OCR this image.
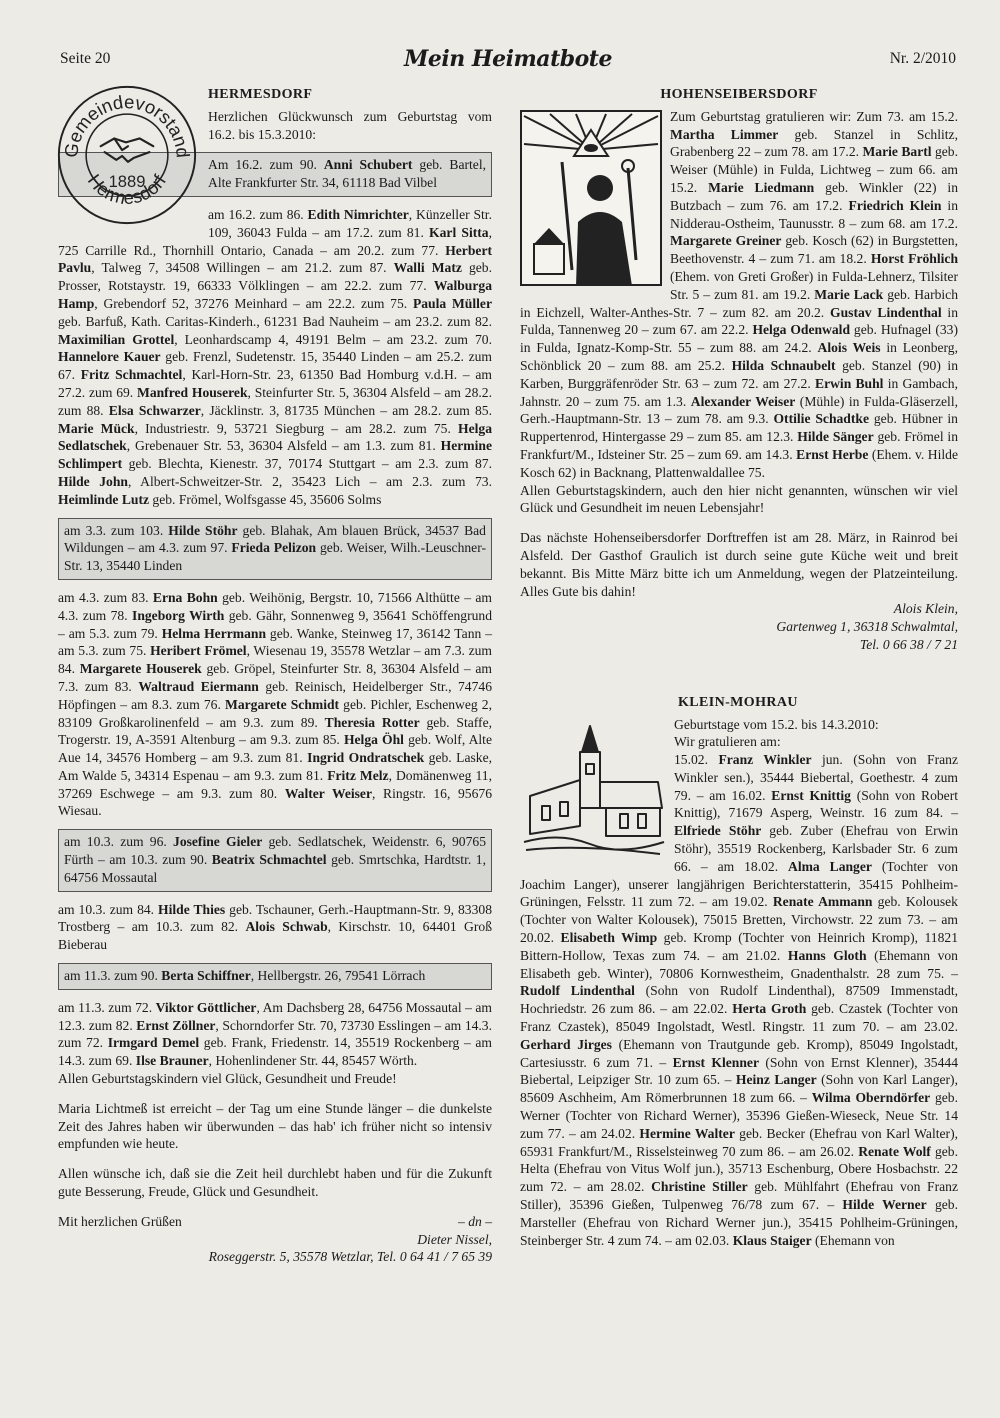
Seite 20	Mein Heimatbote	Nr. 2/2010
Gemeindevorstand
Hermesdorf
1889
HERMESDORF

Herzlichen Glückwunsch zum Geburtstag vom 16.2. bis 15.3.2010:

Am 16.2. zum 90. Anni Schubert geb. Bartel, Alte Frankfurter Str. 34, 61118 Bad Vilbel

am 16.2. zum 86. Edith Nimrichter, Künzeller Str. 109, 36043 Fulda – am 17.2. zum 81. Karl Sitta, 725 Carrille Rd., Thornhill Ontario, Canada – am 20.2. zum 77. Herbert Pavlu, Talweg 7, 34508 Willingen – am 21.2. zum 87. Walli Matz geb. Prosser, Rotstaystr. 19, 66333 Völklingen – am 22.2. zum 77. Walburga Hamp, Grebendorf 52, 37276 Meinhard – am 22.2. zum 75. Paula Müller geb. Barfuß, Kath. Caritas-Kinderh., 61231 Bad Nauheim – am 23.2. zum 82. Maximilian Grottel, Leonhardscamp 4, 49191 Belm – am 23.2. zum 70. Hannelore Kauer geb. Frenzl, Sudetenstr. 15, 35440 Linden – am 25.2. zum 67. Fritz Schmachtel, Karl-Horn-Str. 23, 61350 Bad Homburg v.d.H. – am 27.2. zum 69. Manfred Houserek, Steinfurter Str. 5, 36304 Alsfeld – am 28.2. zum 88. Elsa Schwarzer, Jäcklinstr. 3, 81735 München – am 28.2. zum 85. Marie Mück, Industriestr. 9, 53721 Siegburg – am 28.2. zum 75. Helga Sedlatschek, Grebenauer Str. 53, 36304 Alsfeld – am 1.3. zum 81. Hermine Schlimpert geb. Blechta, Kienestr. 37, 70174 Stuttgart – am 2.3. zum 87. Hilde John, Albert-Schweitzer-Str. 2, 35423 Lich – am 2.3. zum 73. Heimlinde Lutz geb. Frömel, Wolfsgasse 45, 35606 Solms

am 3.3. zum 103. Hilde Stöhr geb. Blahak, Am blauen Brück, 34537 Bad Wildungen – am 4.3. zum 97. Frieda Pelizon geb. Weiser, Wilh.-Leuschner-Str. 13, 35440 Linden

am 4.3. zum 83. Erna Bohn geb. Weihönig, Bergstr. 10, 71566 Althütte – am 4.3. zum 78. Ingeborg Wirth geb. Gähr, Sonnenweg 9, 35641 Schöffengrund – am 5.3. zum 79. Helma Herrmann geb. Wanke, Steinweg 17, 36142 Tann – am 5.3. zum 75. Heribert Frömel, Wiesenau 19, 35578 Wetzlar – am 7.3. zum 84. Margarete Houserek geb. Gröpel, Steinfurter Str. 8, 36304 Alsfeld – am 7.3. zum 83. Waltraud Eiermann geb. Reinisch, Heidelberger Str., 74746 Höpfingen – am 8.3. zum 76. Margarete Schmidt geb. Pichler, Eschenweg 2, 83109 Großkarolinenfeld – am 9.3. zum 89. Theresia Rotter geb. Staffe, Trogerstr. 19, A-3591 Altenburg – am 9.3. zum 85. Helga Öhl geb. Wolf, Alte Aue 14, 34576 Homberg – am 9.3. zum 81. Ingrid Ondratschek geb. Laske, Am Walde 5, 34314 Espenau – am 9.3. zum 81. Fritz Melz, Domänenweg 11, 37269 Eschwege – am 9.3. zum 80. Walter Weiser, Ringstr. 16, 95676 Wiesau.

am 10.3. zum 96. Josefine Gieler geb. Sedlatschek, Weidenstr. 6, 90765 Fürth – am 10.3. zum 90. Beatrix Schmachtel geb. Smrtschka, Hardtstr. 1, 64756 Mossautal

am 10.3. zum 84. Hilde Thies geb. Tschauner, Gerh.-Hauptmann-Str. 9, 83308 Trostberg – am 10.3. zum 82. Alois Schwab, Kirschstr. 10, 64401 Groß Bieberau

am 11.3. zum 90. Berta Schiffner, Hellbergstr. 26, 79541 Lörrach

am 11.3. zum 72. Viktor Göttlicher, Am Dachsberg 28, 64756 Mossautal – am 12.3. zum 82. Ernst Zöllner, Schorndorfer Str. 70, 73730 Esslingen – am 14.3. zum 72. Irmgard Demel geb. Frank, Friedenstr. 14, 35519 Rockenberg – am 14.3. zum 69. Ilse Brauner, Hohenlindener Str. 44, 85457 Wörth.

Allen Geburtstagskindern viel Glück, Gesundheit und Freude!

Maria Lichtmeß ist erreicht – der Tag um eine Stunde länger – die dunkelste Zeit des Jahres haben wir überwunden – das hab' ich früher nicht so intensiv empfunden wie heute.

Allen wünsche ich, daß sie die Zeit heil durchlebt haben und für die Zukunft gute Besserung, Freude, Glück und Gesundheit.

Mit herzlichen Grüßen	– dn –

Dieter Nissel,

Roseggerstr. 5, 35578 Wetzlar, Tel. 0 64 41 / 7 65 39

HOHENSEIBERSDORF

Zum Geburtstag gratulieren wir: Zum 73. am 15.2. Martha Limmer geb. Stanzel in Schlitz, Grabenberg 22 – zum 78. am 17.2. Marie Bartl geb. Weiser (Mühle) in Fulda, Lichtweg – zum 66. am 15.2. Marie Liedmann geb. Winkler (22) in Butzbach – zum 76. am 17.2. Friedrich Klein in Nidderau-Ostheim, Taunusstr. 8 – zum 68. am 17.2. Margarete Greiner geb. Kosch (62) in Burgstetten, Beethovenstr. 4 – zum 71. am 18.2. Horst Fröhlich (Ehem. von Greti Großer) in Fulda-Lehnerz, Tilsiter Str. 5 – zum 81. am 19.2. Marie Lack geb. Harbich in Eichzell, Walter-Anthes-Str. 7 – zum 82. am 20.2. Gustav Lindenthal in Fulda, Tannenweg 20 – zum 67. am 22.2. Helga Odenwald geb. Hufnagel (33) in Fulda, Ignatz-Komp-Str. 55 – zum 88. am 24.2. Alois Weis in Leonberg, Schönblick 20 – zum 88. am 25.2. Hilda Schnaubelt geb. Stanzel (90) in Karben, Burggräfenröder Str. 63 – zum 72. am 27.2. Erwin Buhl in Gambach, Jahnstr. 20 – zum 75. am 1.3. Alexander Weiser (Mühle) in Fulda-Gläserzell, Gerh.-Hauptmann-Str. 13 – zum 78. am 9.3. Ottilie Schadtke geb. Hübner in Ruppertenrod, Hintergasse 29 – zum 85. am 12.3. Hilde Sänger geb. Frömel in Frankfurt/M., Idsteiner Str. 25 – zum 69. am 14.3. Ernst Herbe (Ehem. v. Hilde Kosch 62) in Backnang, Plattenwaldallee 75.

Allen Geburtstagskindern, auch den hier nicht genannten, wünschen wir viel Glück und Gesundheit im neuen Lebensjahr!

Das nächste Hohenseibersdorfer Dorftreffen ist am 28. März, in Rainrod bei Alsfeld. Der Gasthof Graulich ist durch seine gute Küche weit und breit bekannt. Bis Mitte März bitte ich um Anmeldung, wegen der Platzeinteilung. Alles Gute bis dahin!

Alois Klein,

Gartenweg 1, 36318 Schwalmtal,

Tel. 0 66 38 / 7 21

KLEIN-MOHRAU

Geburtstage vom 15.2. bis 14.3.2010:

Wir gratulieren am:

15.02. Franz Winkler jun. (Sohn von Franz Winkler sen.), 35444 Biebertal, Goethestr. 4 zum 79. – am 16.02. Ernst Knittig (Sohn von Robert Knittig), 71679 Asperg, Weinstr. 16 zum 84. – Elfriede Stöhr geb. Zuber (Ehefrau von Erwin Stöhr), 35519 Rockenberg, Karlsbader Str. 6 zum 66. – am 18.02. Alma Langer (Tochter von Joachim Langer), unserer langjährigen Berichterstatterin, 35415 Pohlheim-Grüningen, Felsstr. 11 zum 72. – am 19.02. Renate Ammann geb. Kolousek (Tochter von Walter Kolousek), 75015 Bretten, Virchowstr. 22 zum 73. – am 20.02. Elisabeth Wimp geb. Kromp (Tochter von Heinrich Kromp), 11821 Bittern-Hollow, Texas zum 74. – am 21.02. Hanns Gloth (Ehemann von Elisabeth geb. Winter), 70806 Kornwestheim, Gnadenthalstr. 28 zum 75. – Rudolf Lindenthal (Sohn von Rudolf Lindenthal), 87509 Immenstadt, Hochriedstr. 26 zum 86. – am 22.02. Herta Groth geb. Czastek (Tochter von Franz Czastek), 85049 Ingolstadt, Westl. Ringstr. 11 zum 70. – am 23.02. Gerhard Jirges (Ehemann von Trautgunde geb. Kromp), 85049 Ingolstadt, Cartesiusstr. 6 zum 71. – Ernst Klenner (Sohn von Ernst Klenner), 35444 Biebertal, Leipziger Str. 10 zum 65. – Heinz Langer (Sohn von Karl Langer), 85609 Aschheim, Am Römerbrunnen 18 zum 66. – Wilma Oberndörfer geb. Werner (Tochter von Richard Werner), 35396 Gießen-Wieseck, Neue Str. 14 zum 77. – am 24.02. Hermine Walter geb. Becker (Ehefrau von Karl Walter), 65931 Frankfurt/M., Risselsteinweg 70 zum 86. – am 26.02. Renate Wolf geb. Helta (Ehefrau von Vitus Wolf jun.), 35713 Eschenburg, Obere Hosbachstr. 22 zum 72. – am 28.02. Christine Stiller geb. Mühlfahrt (Ehefrau von Franz Stiller), 35396 Gießen, Tulpenweg 76/78 zum 67. – Hilde Werner geb. Marsteller (Ehefrau von Richard Werner jun.), 35415 Pohlheim-Grüningen, Steinberger Str. 4 zum 74. – am 02.03. Klaus Staiger (Ehemann von
